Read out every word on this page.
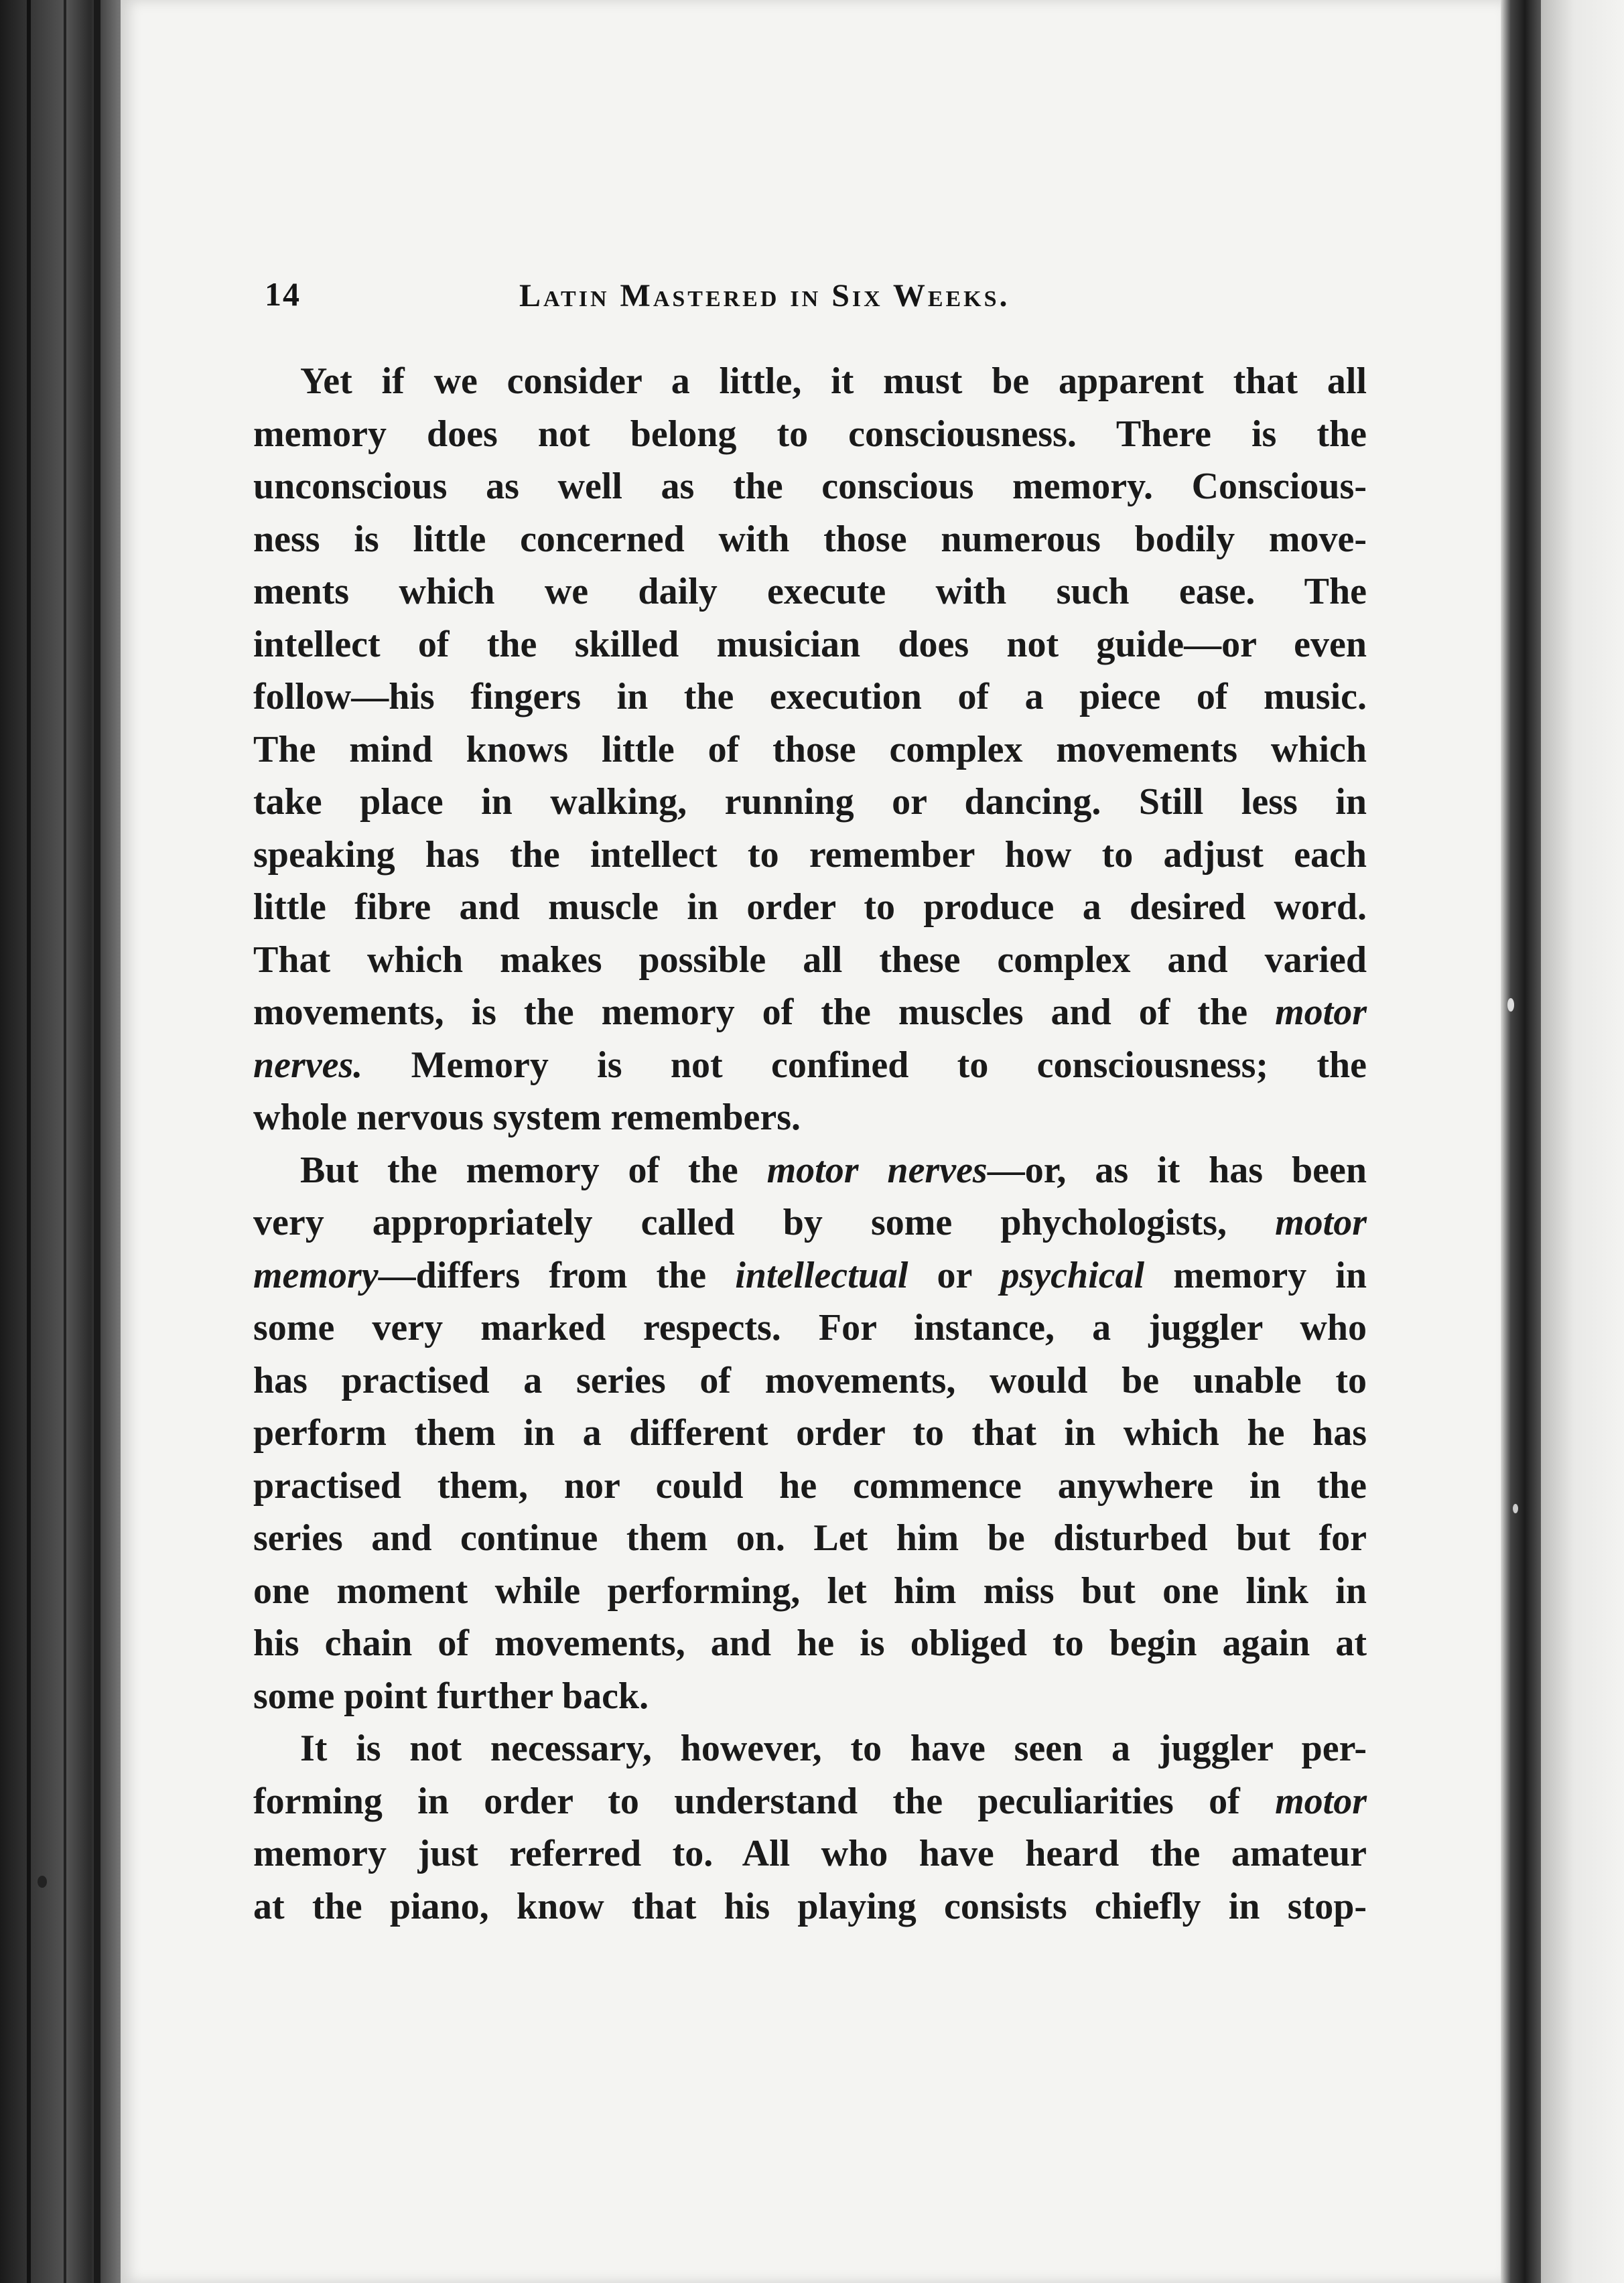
14	Latin Mastered in Six Weeks.
Yet if we consider a little, it must be apparent that all
memory does not belong to consciousness. There is the
unconscious as well as the conscious memory. Conscious-
ness is little concerned with those numerous bodily move-
ments which we daily execute with such ease. The
intellect of the skilled musician does not guide—or even
follow—his fingers in the execution of a piece of music.
The mind knows little of those complex movements which
take place in walking, running or dancing. Still less in
speaking has the intellect to remember how to adjust each
little fibre and muscle in order to produce a desired word.
That which makes possible all these complex and varied
movements, is the memory of the muscles and of the motor
nerves. Memory is not confined to consciousness; the
whole nervous system remembers.
But the memory of the motor nerves—or, as it has been
very appropriately called by some phychologists, motor
memory—differs from the intellectual or psychical memory in
some very marked respects. For instance, a juggler who
has practised a series of movements, would be unable to
perform them in a different order to that in which he has
practised them, nor could he commence anywhere in the
series and continue them on. Let him be disturbed but for
one moment while performing, let him miss but one link in
his chain of movements, and he is obliged to begin again at
some point further back.
It is not necessary, however, to have seen a juggler per-
forming in order to understand the peculiarities of motor
memory just referred to. All who have heard the amateur
at the piano, know that his playing consists chiefly in stop-
